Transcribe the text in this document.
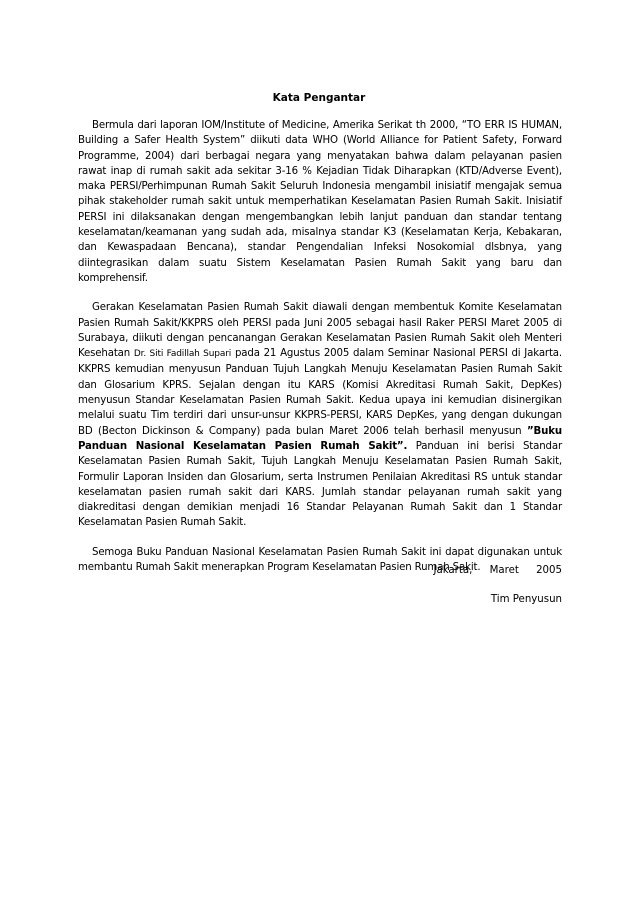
Kata Pengantar

Bermula dari laporan IOM/Institute of Medicine, Amerika Serikat th 2000, “TO ERR IS HUMAN, Building a Safer Health System” diikuti data WHO (World Alliance for Patient Safety, Forward Programme, 2004) dari berbagai negara yang menyatakan bahwa dalam pelayanan pasien rawat inap di rumah sakit ada sekitar 3-16 % Kejadian Tidak Diharapkan (KTD/Adverse Event), maka PERSI/Perhimpunan Rumah Sakit Seluruh Indonesia mengambil inisiatif mengajak semua pihak stakeholder rumah sakit untuk memperhatikan Keselamatan Pasien Rumah Sakit. Inisiatif PERSI ini dilaksanakan dengan mengembangkan lebih lanjut panduan dan standar tentang keselamatan/keamanan yang sudah ada, misalnya standar K3 (Keselamatan Kerja, Kebakaran, dan Kewaspadaan Bencana), standar Pengendalian Infeksi Nosokomial dlsbnya, yang diintegrasikan dalam suatu Sistem Keselamatan Pasien Rumah Sakit yang baru dan komprehensif.

Gerakan Keselamatan Pasien Rumah Sakit diawali dengan membentuk Komite Keselamatan Pasien Rumah Sakit/KKPRS oleh PERSI pada Juni 2005 sebagai hasil Raker PERSI Maret 2005 di Surabaya, diikuti dengan pencanangan Gerakan Keselamatan Pasien Rumah Sakit oleh Menteri Kesehatan Dr. Siti Fadillah Supari pada 21 Agustus 2005 dalam Seminar Nasional PERSI di Jakarta. KKPRS kemudian menyusun Panduan Tujuh Langkah Menuju Keselamatan Pasien Rumah Sakit dan Glosarium KPRS. Sejalan dengan itu KARS (Komisi Akreditasi Rumah Sakit, DepKes) menyusun Standar Keselamatan Pasien Rumah Sakit. Kedua upaya ini kemudian disinergikan melalui suatu Tim terdiri dari unsur-unsur KKPRS-PERSI, KARS DepKes, yang dengan dukungan BD (Becton Dickinson & Company) pada bulan Maret 2006 telah berhasil menyusun ”Buku Panduan Nasional Keselamatan Pasien Rumah Sakit”. Panduan ini berisi Standar Keselamatan Pasien Rumah Sakit, Tujuh Langkah Menuju Keselamatan Pasien Rumah Sakit, Formulir Laporan Insiden dan Glosarium, serta Instrumen Penilaian Akreditasi RS untuk standar keselamatan pasien rumah sakit dari KARS. Jumlah standar pelayanan rumah sakit yang diakreditasi dengan demikian menjadi 16 Standar Pelayanan Rumah Sakit dan 1 Standar Keselamatan Pasien Rumah Sakit.

Semoga Buku Panduan Nasional Keselamatan Pasien Rumah Sakit ini dapat digunakan untuk membantu Rumah Sakit menerapkan Program Keselamatan Pasien Rumah Sakit.

Jakarta, Maret 2005
Tim Penyusun
